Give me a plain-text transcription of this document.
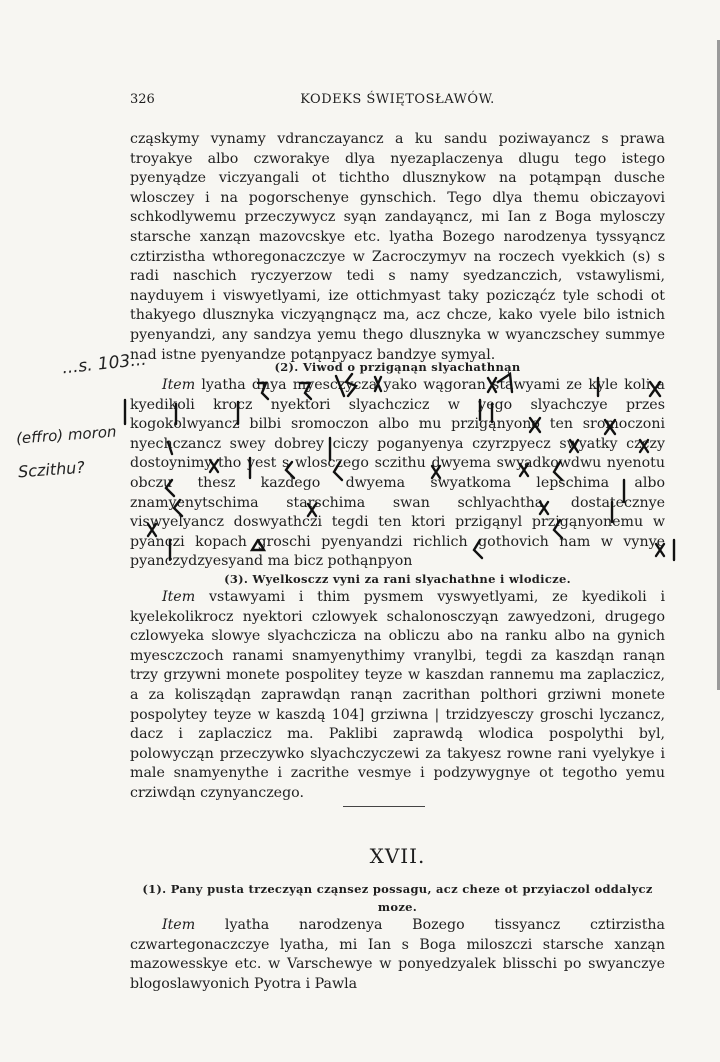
326	KODEKS ŚWIĘTOSŁAWÓW.

cząskymy vynamy vdranczayancz a ku sandu poziwayancz s prawa troyakye albo czworakye dlya nyezaplaczenya dlugu tego istego pyenyądze viczyangali ot tichtho dlusznykow na potąmpąn dusche wlosczey i na pogorschenye gynschich. Tego dlya themu obiczayovi schkodlywemu przeczywycz syąn zandayąncz, mi Ian z Boga mylosczy starsche xanząn mazovcskye etc. lyatha Bozego narodzenya tyssyąncz cztirzistha wthoregonaczczye w Zacroczymyv na roczech vyekkich (s) s radi naschich ryczyerzow tedi s namy syedzanczich, vstawylismi, nayduyem i viswyetlyami, ize ottichmyast taky pozicząćz tyle schodi ot thakyego dlusznyka viczyąngnącz ma, acz chcze, kako vyele bilo istnich pyenyandzi, any sandzya yemu thego dlusznyka w wyanczschey summye nad istne pyenyandze potąnpyacz bandzye symyal.

(2). Viwod o przigąnąn slyachathnąn

Item lyatha dnya myesczycza yako wągoran stawyami ze kyle koli a kyedikoli krocz nyektori slyachczicz w yego slyachczye przes kogokolwyancz bilbi sromoczon albo mu przigąnyono ten sromoczoni nyechczancz swey dobrey ciczy poganyenya czyrzpyecz swyatky czczy dostoynimy tho yest s wlosczego sczithu dwyema swyadkowdwu nyenotu obczu thesz kazdego dwyema swyatkoma lepschima albo znamyenytschima starschima swan schlyachtha dostatecznye viswyelyancz doswyathczi tegdi ten ktori przigąnyl przigąnyonemu w pyanczi kopach groschi pyenyandzi richlich gothovich nam w vynye pyanczydzyesyand ma bicz pothąnpyon

(3). Wyelkosczz vyni za rani slyachathne i wlodicze.

Item vstawyami i thim pysmem vyswyetlyami, ze kyedikoli i kyelekolikrocz nyektori czlowyek schalonosczyąn zawyedzoni, drugego czlowyeka slowye slyachczicza na obliczu abo na ranku albo na gynich myesczczoch ranami snamyenythimy vranylbi, tegdi za kaszdąn ranąn trzy grzywni monete pospolitey teyze w kaszdan rannemu ma zaplaczicz, a za kolisządąn zaprawdąn ranąn zacrithan polthori grziwni monete pospolytey teyze w kaszdą 104] grziwna | trzidzyesczy groschi lyczancz, dacz i zaplaczicz ma. Paklibi zaprawdą wlodica pospolythi byl, polowycząn przeczywko slyachczyczewi za takyesz rowne rani vyelykye i male snamyenythe i zacrithe vesmye i podzywygnye ot tegotho yemu crziwdąn czynyanczego.

XVII.

(1). Pany pusta trzeczyąn cząnsez possagu, acz cheze ot przyiaczol oddalycz moze.

Item lyatha narodzenya Bozego tissyancz cztirzistha czwartegonaczczye lyatha, mi Ian s Boga miloszczi starsche xanząn mazowesskye etc. w Varschewye w ponyedzyalek blisschi po swyanczye blogoslawyonich Pyotra i Pawla

...s. 103...
(effro) moron
Sczithu?
